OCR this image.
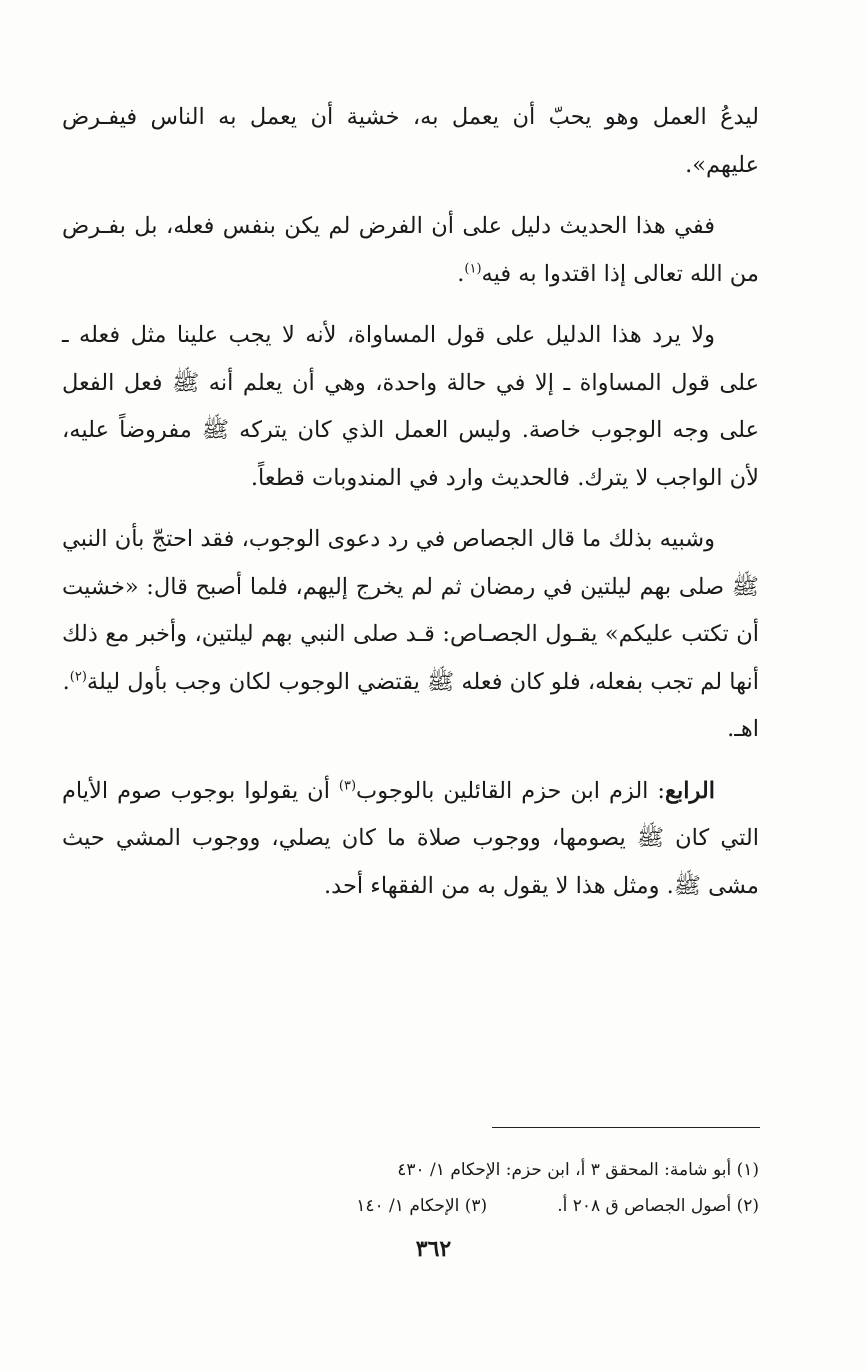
ليدعُ العمل وهو يحبّ أن يعمل به، خشية أن يعمل به الناس فيفـرض عليهم».

ففي هذا الحديث دليل على أن الفرض لم يكن بنفس فعله، بل بفـرض من الله تعالى إذا اقتدوا به فيه$^{(١)}$.

ولا يرد هذا الدليل على قول المساواة، لأنه لا يجب علينا مثل فعله ـ على قول المساواة ـ إلا في حالة واحدة، وهي أن يعلم أنه ﷺ فعل الفعل على وجه الوجوب خاصة. وليس العمل الذي كان يتركه ﷺ مفروضاً عليه، لأن الواجب لا يترك. فالحديث وارد في المندوبات قطعاً.

وشبيه بذلك ما قال الجصاص في رد دعوى الوجوب، فقد احتجّ بأن النبي ﷺ صلى بهم ليلتين في رمضان ثم لم يخرج إليهم، فلما أصبح قال: «خشيت أن تكتب عليكم» يقـول الجصـاص: قـد صلى النبي بهم ليلتين، وأخبر مع ذلك أنها لم تجب بفعله، فلو كان فعله ﷺ يقتضي الوجوب لكان وجب بأول ليلة$^{(٢)}$.
اهـ.

الرابع: الزم ابن حزم القائلين بالوجوب$^{(٣)}$ أن يقولوا بوجوب صوم الأيام التي كان ﷺ يصومها، ووجوب صلاة ما كان يصلي، ووجوب المشي حيث مشى ﷺ. ومثل هذا لا يقول به من الفقهاء أحد.

(١) أبو شامة: المحقق ٣ أ، ابن حزم: الإحكام ١/ ٤٣٠
(٢) أصول الجصاص ق ٢٠٨ أ.
(٣) الإحكام ١/ ١٤٠
٣٦٢
